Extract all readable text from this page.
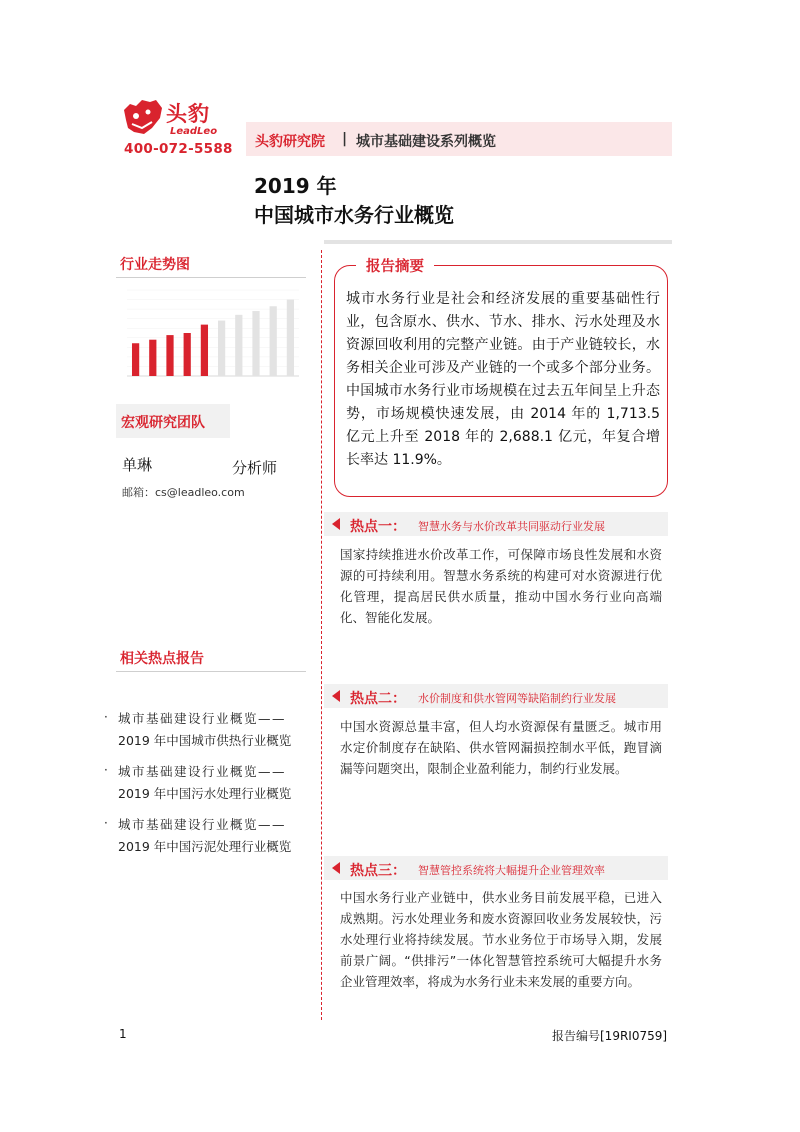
头豹
LeadLeo
400-072-5588 头豹研究院 | 城市基础建设系列概览
2019 年
中国城市水务行业概览
行业走势图
宏观研究团队
单琳	分析师
邮箱：cs@leadleo.com
相关热点报告
· 城市基础建设行业概览——
2019 年中国城市供热行业概览
· 城市基础建设行业概览——
2019 年中国污水处理行业概览
· 城市基础建设行业概览——
2019 年中国污泥处理行业概览
报告摘要
城市水务行业是社会和经济发展的重要基础性行业，包含原水、供水、节水、排水、污水处理及水资源回收利用的完整产业链。由于产业链较长，水务相关企业可涉及产业链的一个或多个部分业务。中国城市水务行业市场规模在过去五年间呈上升态势，市场规模快速发展，由 2014 年的 1,713.5 亿元上升至 2018 年的 2,688.1 亿元，年复合增长率达 11.9%。
热点一： 智慧水务与水价改革共同驱动行业发展
国家持续推进水价改革工作，可保障市场良性发展和水资源的可持续利用。智慧水务系统的构建可对水资源进行优化管理，提高居民供水质量，推动中国水务行业向高端化、智能化发展。
热点二： 水价制度和供水管网等缺陷制约行业发展
中国水资源总量丰富，但人均水资源保有量匮乏。城市用水定价制度存在缺陷、供水管网漏损控制水平低，跑冒滴漏等问题突出，限制企业盈利能力，制约行业发展。
热点三： 智慧管控系统将大幅提升企业管理效率
中国水务行业产业链中，供水业务目前发展平稳，已进入成熟期。污水处理业务和废水资源回收业务发展较快，污水处理行业将持续发展。节水业务位于市场导入期，发展前景广阔。“供排污”一体化智慧管控系统可大幅提升水务企业管理效率，将成为水务行业未来发展的重要方向。
1	报告编号[19RI0759]
